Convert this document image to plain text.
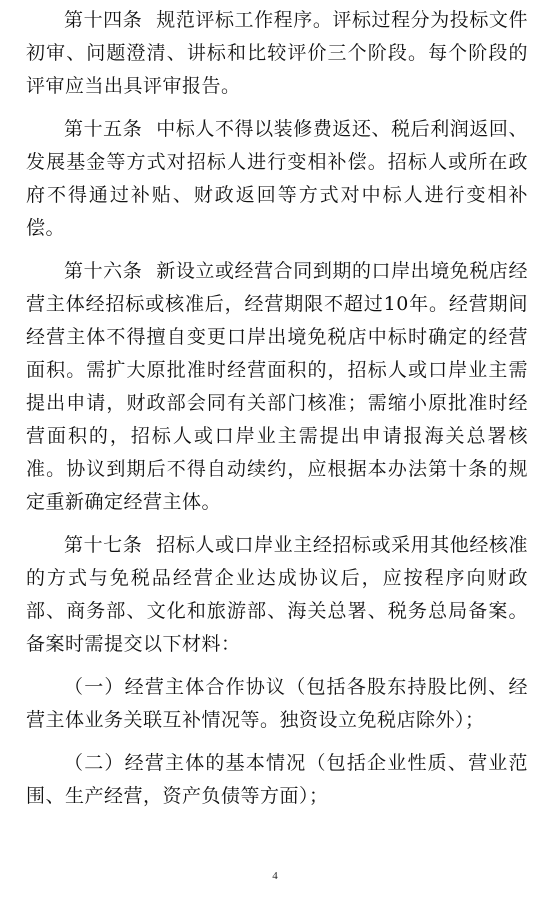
第十四条 规范评标工作程序。评标过程分为投标文件初审、问题澄清、讲标和比较评价三个阶段。每个阶段的评审应当出具评审报告。

第十五条 中标人不得以装修费返还、税后利润返回、发展基金等方式对招标人进行变相补偿。招标人或所在政府不得通过补贴、财政返回等方式对中标人进行变相补偿。

第十六条 新设立或经营合同到期的口岸出境免税店经营主体经招标或核准后，经营期限不超过10年。经营期间经营主体不得擅自变更口岸出境免税店中标时确定的经营面积。需扩大原批准时经营面积的，招标人或口岸业主需提出申请，财政部会同有关部门核准；需缩小原批准时经营面积的，招标人或口岸业主需提出申请报海关总署核准。协议到期后不得自动续约，应根据本办法第十条的规定重新确定经营主体。

第十七条 招标人或口岸业主经招标或采用其他经核准的方式与免税品经营企业达成协议后，应按程序向财政部、商务部、文化和旅游部、海关总署、税务总局备案。备案时需提交以下材料：

（一）经营主体合作协议（包括各股东持股比例、经营主体业务关联互补情况等。独资设立免税店除外）；

（二）经营主体的基本情况（包括企业性质、营业范围、生产经营，资产负债等方面）；

4
